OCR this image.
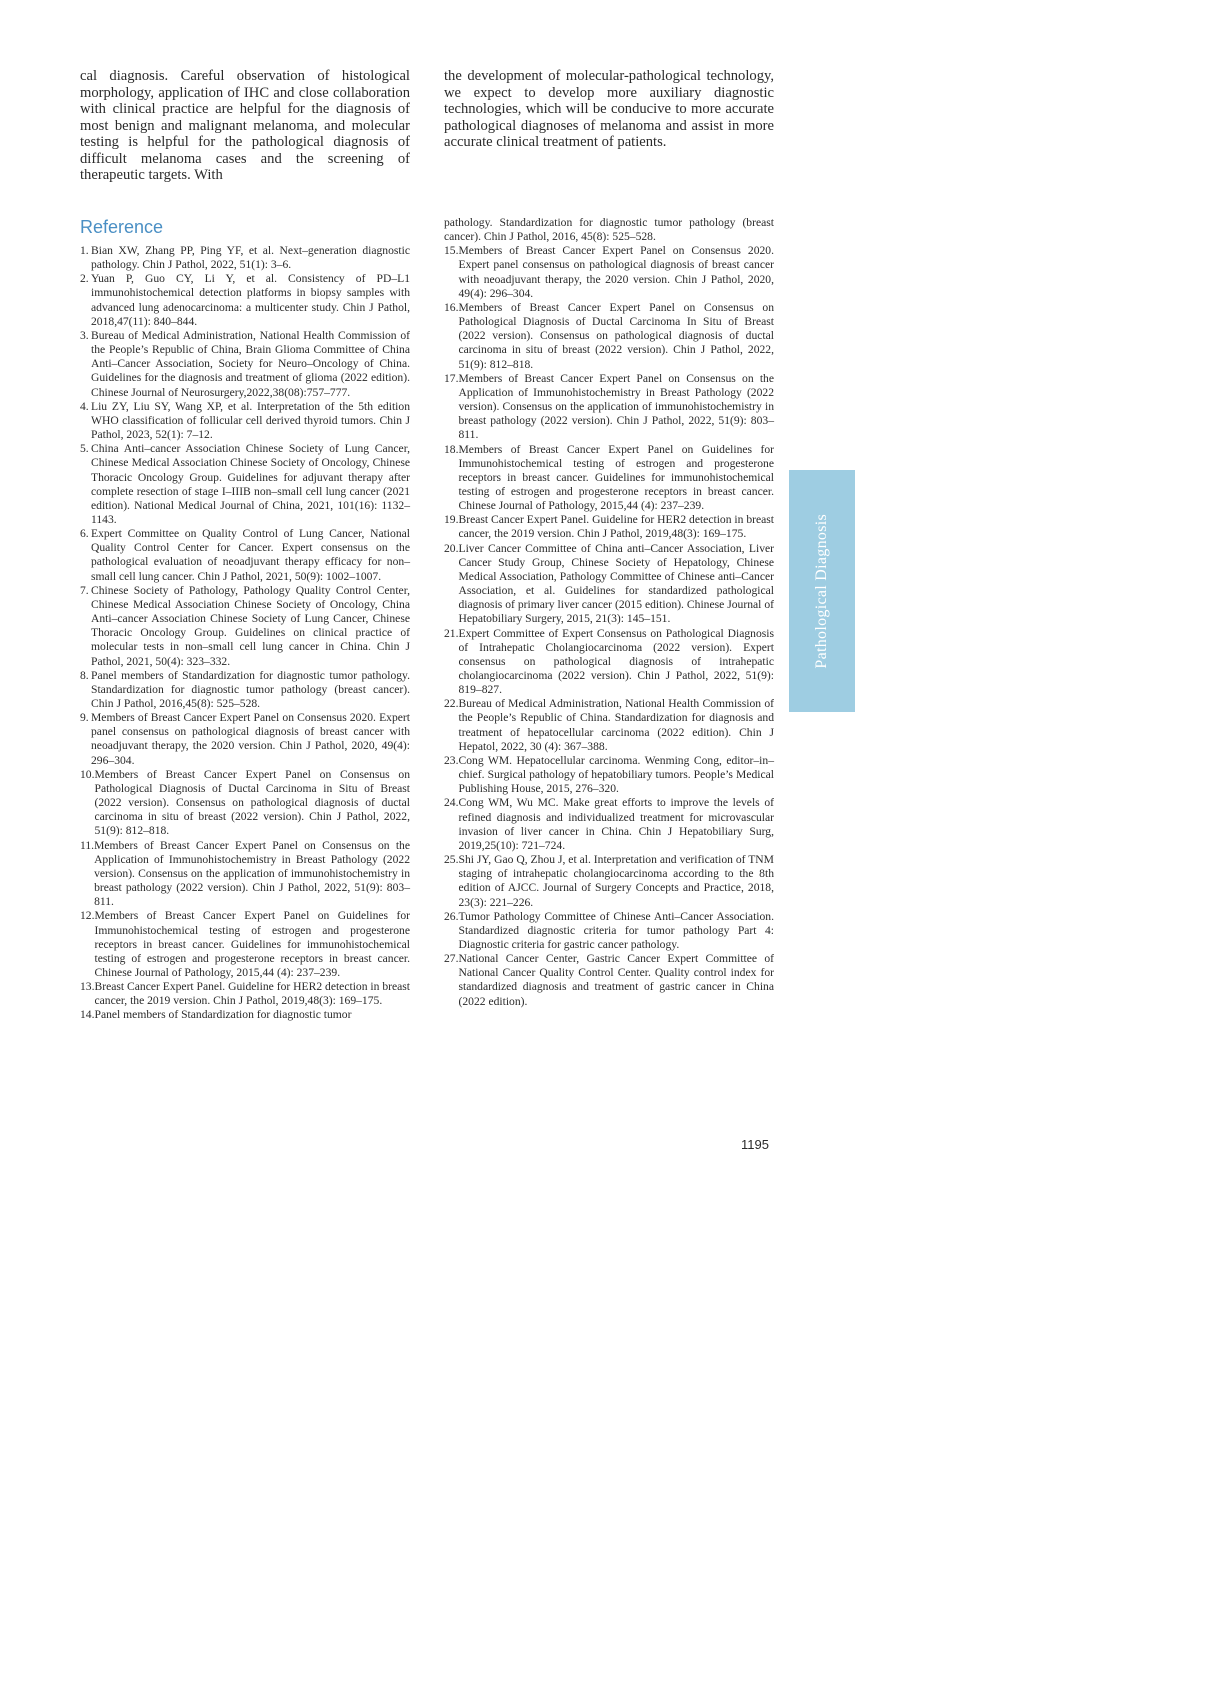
cal diagnosis. Careful observation of histological morphology, application of IHC and close collaboration with clinical practice are helpful for the diagnosis of most benign and malignant melanoma, and molecular testing is helpful for the pathological diagnosis of difficult melanoma cases and the screening of therapeutic targets. With

the development of molecular-pathological technology, we expect to develop more auxiliary diagnostic technologies, which will be conducive to more accurate pathological diagnoses of melanoma and assist in more accurate clinical treatment of patients.

Reference
1. Bian XW, Zhang PP, Ping YF, et al. Next–generation diagnostic pathology. Chin J Pathol, 2022, 51(1): 3–6.
2. Yuan P, Guo CY, Li Y, et al. Consistency of PD–L1 immunohistochemical detection platforms in biopsy samples with advanced lung adenocarcinoma: a multicenter study. Chin J Pathol, 2018,47(11): 840–844.
3. Bureau of Medical Administration, National Health Commission of the People’s Republic of China, Brain Glioma Committee of China Anti–Cancer Association, Society for Neuro–Oncology of China. Guidelines for the diagnosis and treatment of glioma (2022 edition). Chinese Journal of Neurosurgery,2022,38(08):757–777.
4. Liu ZY, Liu SY, Wang XP, et al. Interpretation of the 5th edition WHO classification of follicular cell derived thyroid tumors. Chin J Pathol, 2023, 52(1): 7–12.
5. China Anti–cancer Association Chinese Society of Lung Cancer, Chinese Medical Association Chinese Society of Oncology, Chinese Thoracic Oncology Group. Guidelines for adjuvant therapy after complete resection of stage I–IIIB non–small cell lung cancer (2021 edition). National Medical Journal of China, 2021, 101(16): 1132–1143.
6. Expert Committee on Quality Control of Lung Cancer, National Quality Control Center for Cancer. Expert consensus on the pathological evaluation of neoadjuvant therapy efficacy for non–small cell lung cancer. Chin J Pathol, 2021, 50(9): 1002–1007.
7. Chinese Society of Pathology, Pathology Quality Control Center, Chinese Medical Association Chinese Society of Oncology, China Anti–cancer Association Chinese Society of Lung Cancer, Chinese Thoracic Oncology Group. Guidelines on clinical practice of molecular tests in non–small cell lung cancer in China. Chin J Pathol, 2021, 50(4): 323–332.
8. Panel members of Standardization for diagnostic tumor pathology. Standardization for diagnostic tumor pathology (breast cancer). Chin J Pathol, 2016,45(8): 525–528.
9. Members of Breast Cancer Expert Panel on Consensus 2020. Expert panel consensus on pathological diagnosis of breast cancer with neoadjuvant therapy, the 2020 version. Chin J Pathol, 2020, 49(4): 296–304.
10. Members of Breast Cancer Expert Panel on Consensus on Pathological Diagnosis of Ductal Carcinoma in Situ of Breast (2022 version). Consensus on pathological diagnosis of ductal carcinoma in situ of breast (2022 version). Chin J Pathol, 2022, 51(9): 812–818.
11. Members of Breast Cancer Expert Panel on Consensus on the Application of Immunohistochemistry in Breast Pathology (2022 version). Consensus on the application of immunohistochemistry in breast pathology (2022 version). Chin J Pathol, 2022, 51(9): 803–811.
12. Members of Breast Cancer Expert Panel on Guidelines for Immunohistochemical testing of estrogen and progesterone receptors in breast cancer. Guidelines for immunohistochemical testing of estrogen and progesterone receptors in breast cancer. Chinese Journal of Pathology, 2015,44 (4): 237–239.
13. Breast Cancer Expert Panel. Guideline for HER2 detection in breast cancer, the 2019 version. Chin J Pathol, 2019,48(3): 169–175.
14. Panel members of Standardization for diagnostic tumor
pathology. Standardization for diagnostic tumor pathology (breast cancer). Chin J Pathol, 2016, 45(8): 525–528.
15. Members of Breast Cancer Expert Panel on Consensus 2020. Expert panel consensus on pathological diagnosis of breast cancer with neoadjuvant therapy, the 2020 version. Chin J Pathol, 2020, 49(4): 296–304.
16. Members of Breast Cancer Expert Panel on Consensus on Pathological Diagnosis of Ductal Carcinoma In Situ of Breast (2022 version). Consensus on pathological diagnosis of ductal carcinoma in situ of breast (2022 version). Chin J Pathol, 2022, 51(9): 812–818.
17. Members of Breast Cancer Expert Panel on Consensus on the Application of Immunohistochemistry in Breast Pathology (2022 version). Consensus on the application of immunohistochemistry in breast pathology (2022 version). Chin J Pathol, 2022, 51(9): 803–811.
18. Members of Breast Cancer Expert Panel on Guidelines for Immunohistochemical testing of estrogen and progesterone receptors in breast cancer. Guidelines for immunohistochemical testing of estrogen and progesterone receptors in breast cancer. Chinese Journal of Pathology, 2015,44 (4): 237–239.
19. Breast Cancer Expert Panel. Guideline for HER2 detection in breast cancer, the 2019 version. Chin J Pathol, 2019,48(3): 169–175.
20. Liver Cancer Committee of China anti–Cancer Association, Liver Cancer Study Group, Chinese Society of Hepatology, Chinese Medical Association, Pathology Committee of Chinese anti–Cancer Association, et al. Guidelines for standardized pathological diagnosis of primary liver cancer (2015 edition). Chinese Journal of Hepatobiliary Surgery, 2015, 21(3): 145–151.
21. Expert Committee of Expert Consensus on Pathological Diagnosis of Intrahepatic Cholangiocarcinoma (2022 version). Expert consensus on pathological diagnosis of intrahepatic cholangiocarcinoma (2022 version). Chin J Pathol, 2022, 51(9): 819–827.
22. Bureau of Medical Administration, National Health Commission of the People’s Republic of China. Standardization for diagnosis and treatment of hepatocellular carcinoma (2022 edition). Chin J Hepatol, 2022, 30 (4): 367–388.
23. Cong WM. Hepatocellular carcinoma. Wenming Cong, editor–in–chief. Surgical pathology of hepatobiliary tumors. People’s Medical Publishing House, 2015, 276–320.
24. Cong WM, Wu MC. Make great efforts to improve the levels of refined diagnosis and individualized treatment for microvascular invasion of liver cancer in China. Chin J Hepatobiliary Surg, 2019,25(10): 721–724.
25. Shi JY, Gao Q, Zhou J, et al. Interpretation and verification of TNM staging of intrahepatic cholangiocarcinoma according to the 8th edition of AJCC. Journal of Surgery Concepts and Practice, 2018, 23(3): 221–226.
26. Tumor Pathology Committee of Chinese Anti–Cancer Association. Standardized diagnostic criteria for tumor pathology Part 4: Diagnostic criteria for gastric cancer pathology.
27. National Cancer Center, Gastric Cancer Expert Committee of National Cancer Quality Control Center. Quality control index for standardized diagnosis and treatment of gastric cancer in China (2022 edition).
Pathological Diagnosis
1195
